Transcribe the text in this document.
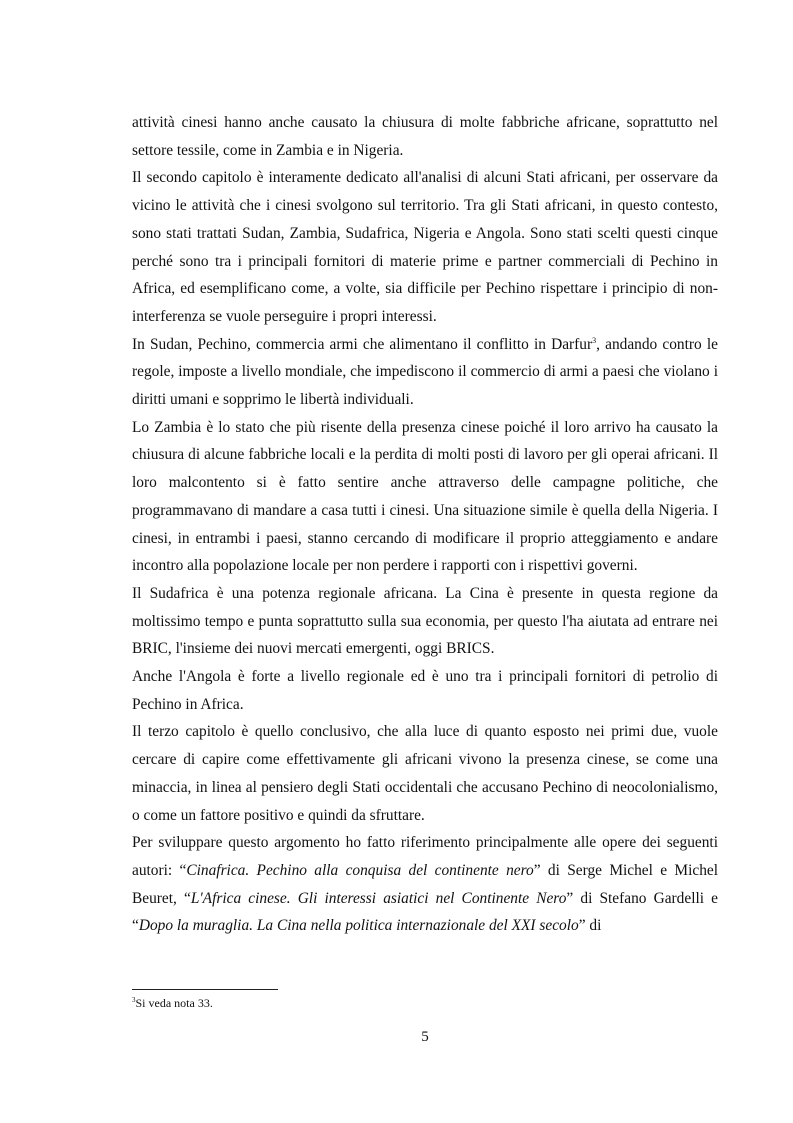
attività cinesi hanno anche causato la chiusura di molte fabbriche africane, soprattutto nel settore tessile, come in Zambia e in Nigeria.

Il secondo capitolo è interamente dedicato all'analisi di alcuni Stati africani, per osservare da vicino le attività che i cinesi svolgono sul territorio. Tra gli Stati africani, in questo contesto, sono stati trattati Sudan, Zambia, Sudafrica, Nigeria e Angola. Sono stati scelti questi cinque perché sono tra i principali fornitori di materie prime e partner commerciali di Pechino in Africa, ed esemplificano come, a volte, sia difficile per Pechino rispettare i principio di non-interferenza se vuole perseguire i propri interessi.

In Sudan, Pechino, commercia armi che alimentano il conflitto in Darfur$^3$, andando contro le regole, imposte a livello mondiale, che impediscono il commercio di armi a paesi che violano i diritti umani e sopprimo le libertà individuali.

Lo Zambia è lo stato che più risente della presenza cinese poiché il loro arrivo ha causato la chiusura di alcune fabbriche locali e la perdita di molti posti di lavoro per gli operai africani. Il loro malcontento si è fatto sentire anche attraverso delle campagne politiche, che programmavano di mandare a casa tutti i cinesi. Una situazione simile è quella della Nigeria. I cinesi, in entrambi i paesi, stanno cercando di modificare il proprio atteggiamento e andare incontro alla popolazione locale per non perdere i rapporti con i rispettivi governi.

Il Sudafrica è una potenza regionale africana. La Cina è presente in questa regione da moltissimo tempo e punta soprattutto sulla sua economia, per questo l'ha aiutata ad entrare nei BRIC, l'insieme dei nuovi mercati emergenti, oggi BRICS.

Anche l'Angola è forte a livello regionale ed è uno tra i principali fornitori di petrolio di Pechino in Africa.

Il terzo capitolo è quello conclusivo, che alla luce di quanto esposto nei primi due, vuole cercare di capire come effettivamente gli africani vivono la presenza cinese, se come una minaccia, in linea al pensiero degli Stati occidentali che accusano Pechino di neocolonialismo, o come un fattore positivo e quindi da sfruttare.

Per sviluppare questo argomento ho fatto riferimento principalmente alle opere dei seguenti autori: “Cinafrica. Pechino alla conquisa del continente nero” di Serge Michel e Michel Beuret, “L'Africa cinese. Gli interessi asiatici nel Continente Nero” di Stefano Gardelli e “Dopo la muraglia. La Cina nella politica internazionale del XXI secolo” di

$^3$Si veda nota 33.
5
